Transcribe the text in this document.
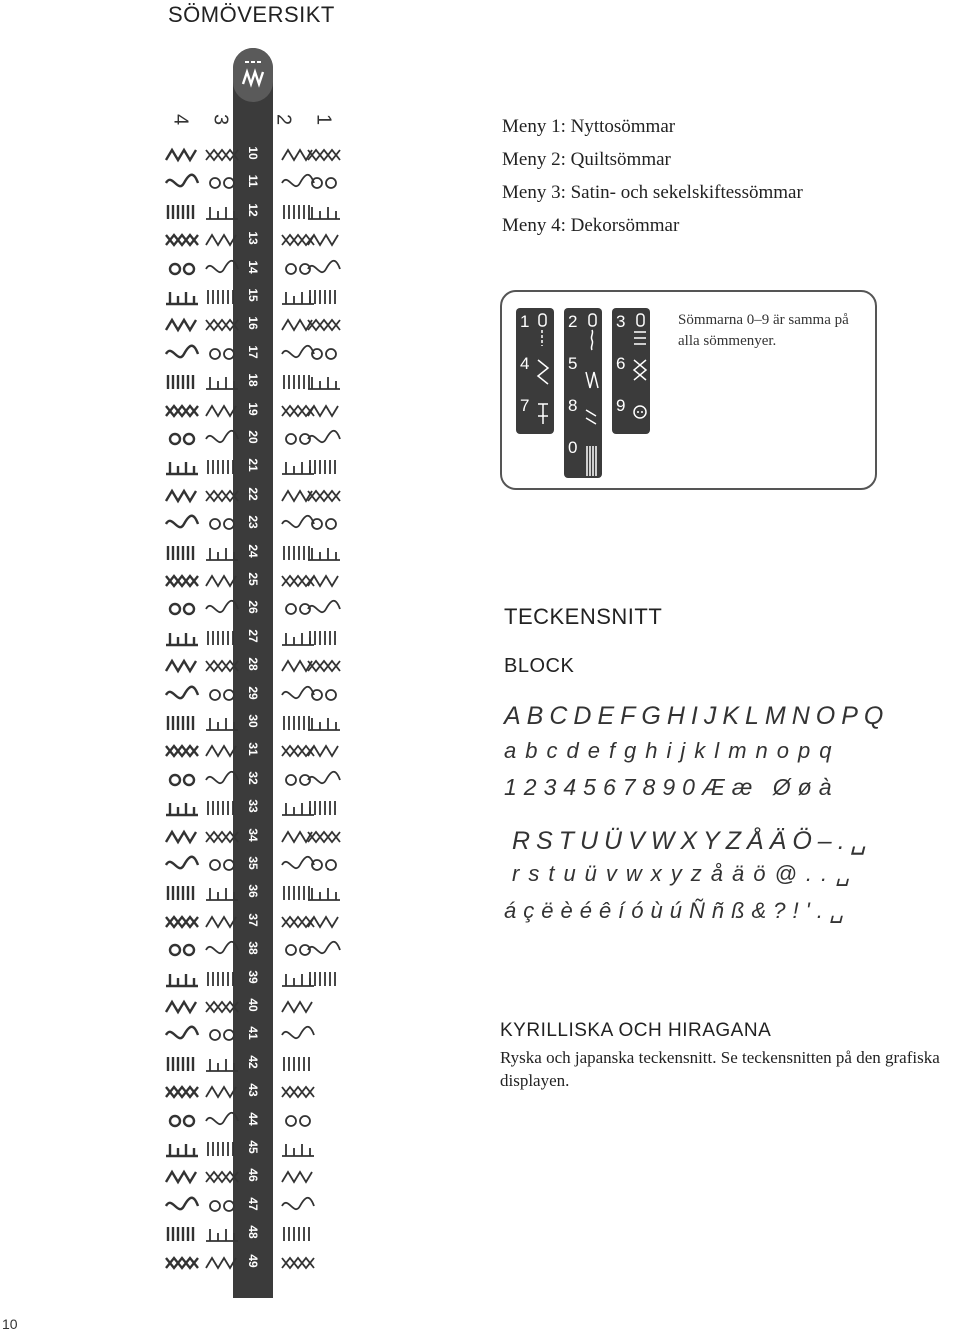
SÖMÖVERSIKT
4 3 2 1
10
11
12
13
14
15
16
17
18
19
20
21
22
23
24
25
26
27
28
29
30
31
32
33
34
35
36
37
38
39
40
41
42
43
44
45
46
47
48
49
Meny 1: Nyttosömmar
Meny 2: Quiltsömmar
Meny 3: Satin- och sekelskiftessömmar
Meny 4: Dekorsömmar
1
4
7
2
5
8
0
3
6
9
Sömmarna 0–9 är samma på alla sömmenyer.
TECKENSNITT
BLOCK
ABCDEFGHIJKLMNOPQ
abcdefghijklmnopq
1234567890Ææ Øøà
RSTUÜVWXYZÅÄÖ–.␣
rstuüvwxyzåäö@..␣
áçëèéêíóùúÑñß&?!'.␣
KYRILLISKA OCH HIRAGANA
Ryska och japanska teckensnitt. Se teckensnitten på den grafiska displayen.
10
